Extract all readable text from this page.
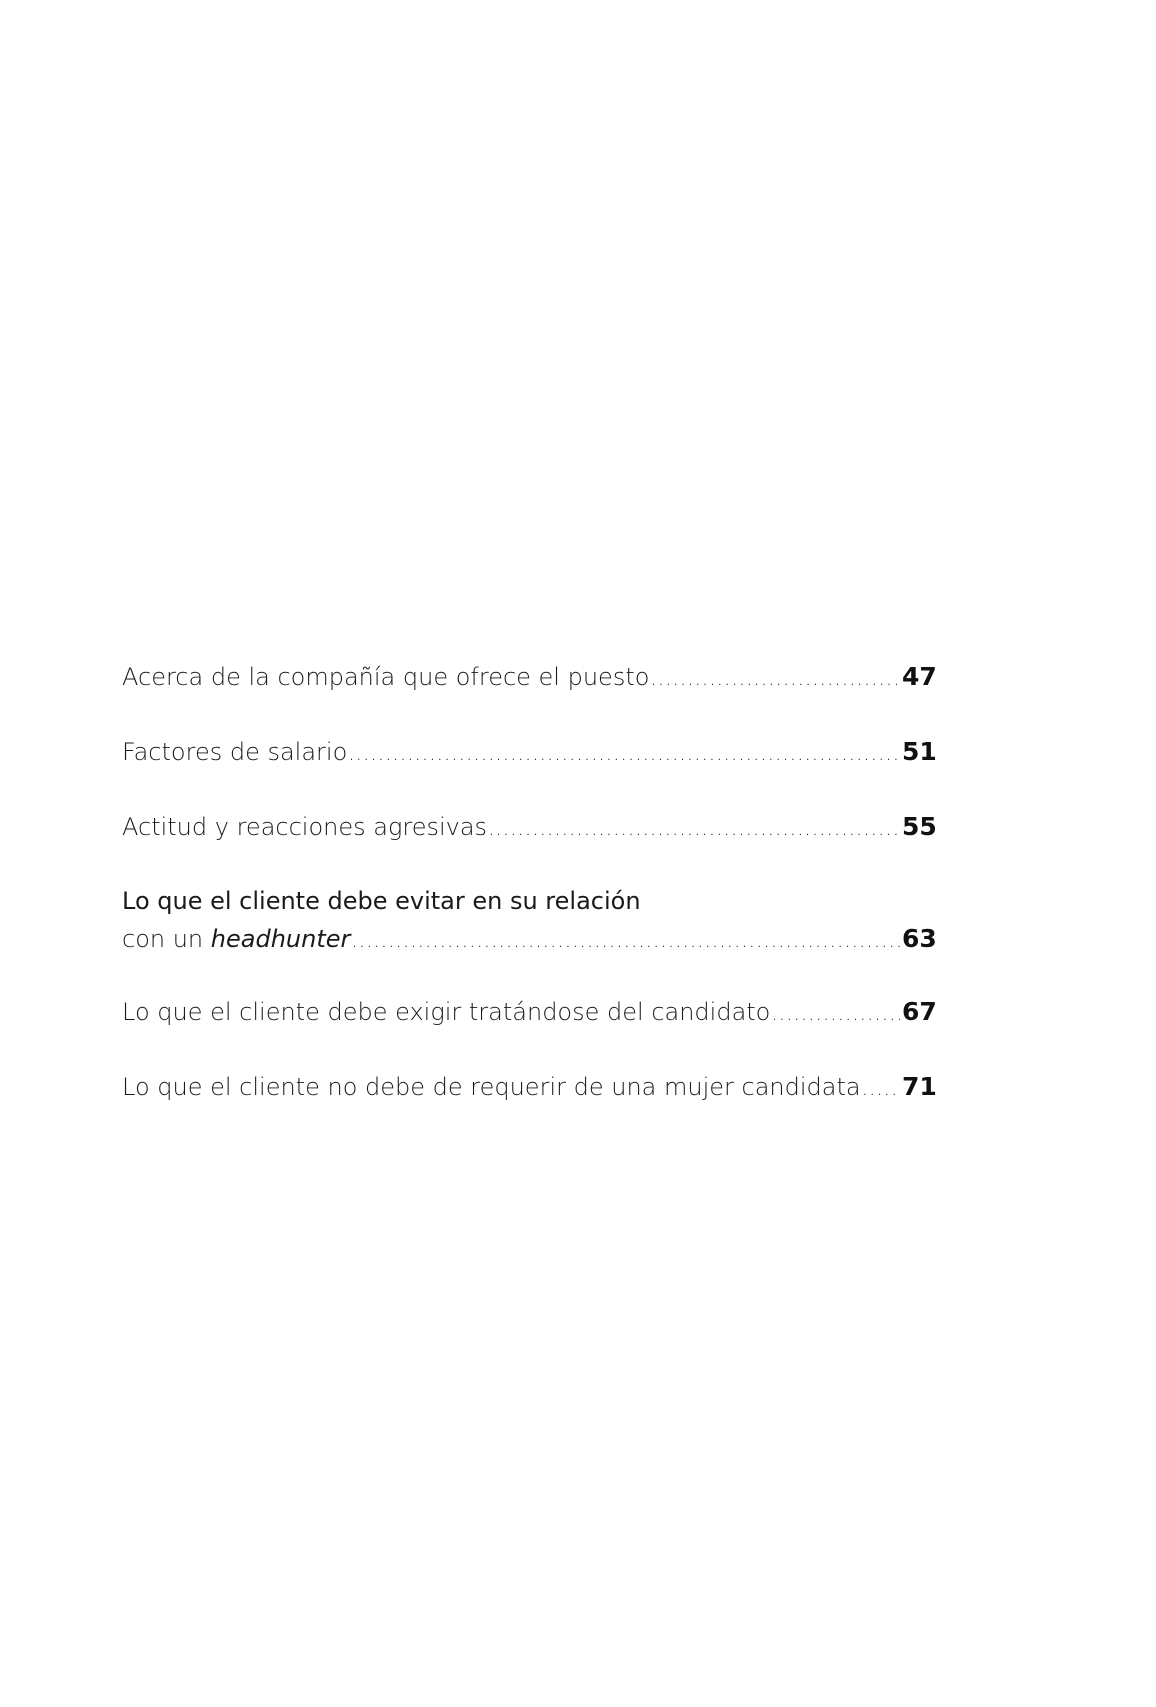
Acerca de la compañía que ofrece el puesto .....	47
Factores de salario .....	51
Actitud y reacciones agresivas .....	55
Lo que el cliente debe evitar en su relación
con un headhunter .....	63
Lo que el cliente debe exigir tratándose del candidato .....	67
Lo que el cliente no debe de requerir de una mujer candidata ..... 71
